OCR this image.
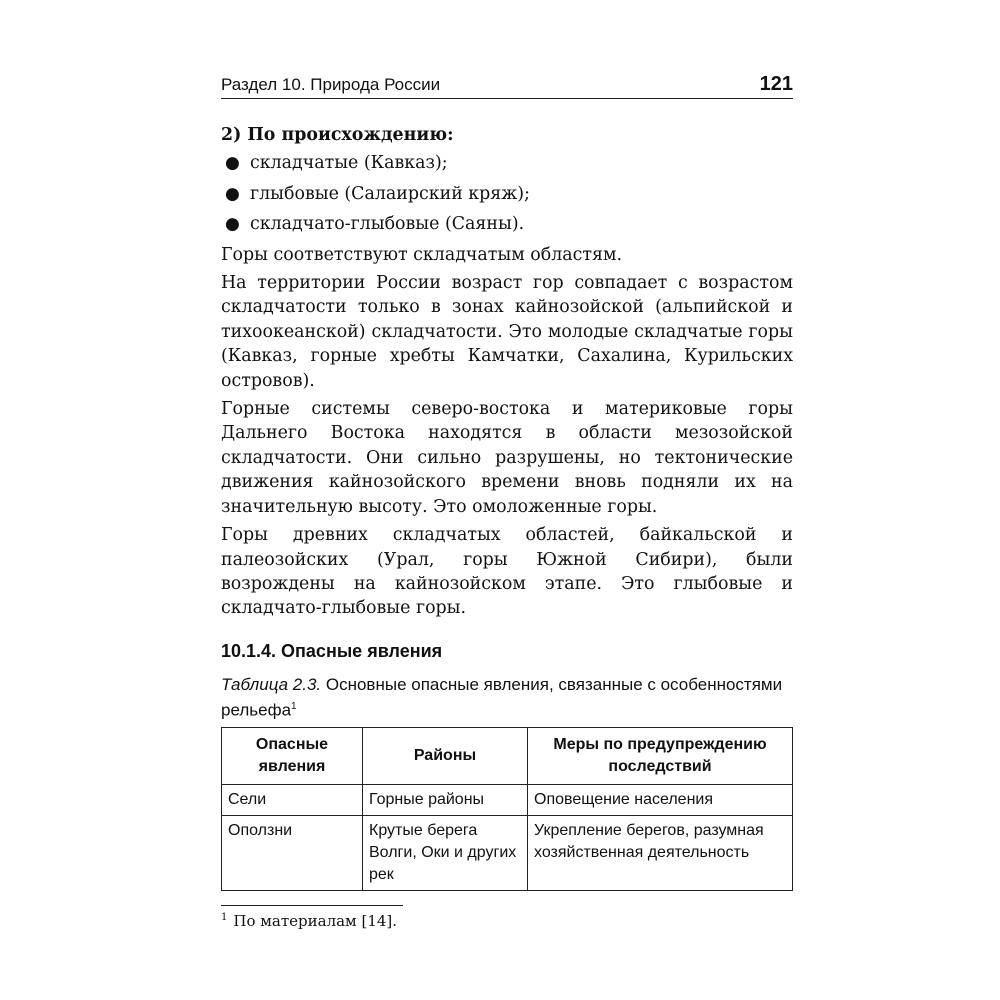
Раздел 10. Природа России	121

2) По происхождению:

● складчатые (Кавказ);
● глыбовые (Салаирский кряж);
● складчато-глыбовые (Саяны).

Горы соответствуют складчатым областям.

На территории России возраст гор совпадает с возрастом складчатости только в зонах кайнозойской (альпийской и тихоокеанской) складчатости. Это молодые складчатые горы (Кавказ, горные хребты Камчатки, Сахалина, Курильских островов).

Горные системы северо-востока и материковые горы Дальнего Востока находятся в области мезозойской складчатости. Они сильно разрушены, но тектонические движения кайнозойского времени вновь подняли их на значительную высоту. Это омоложенные горы.

Горы древних складчатых областей, байкальской и палеозойских (Урал, горы Южной Сибири), были возрождены на кайнозойском этапе. Это глыбовые и складчато-глыбовые горы.

10.1.4. Опасные явления
Таблица 2.3. Основные опасные явления, связанные с особенностями рельефа$^1$
Опасные явления	Районы	Меры по предупреждению последствий
Сели	Горные районы	Оповещение населения
Оползни	Крутые берега Волги, Оки и других рек	Укрепление берегов, разумная хозяйственная деятельность
$^1$ По материалам [14].
